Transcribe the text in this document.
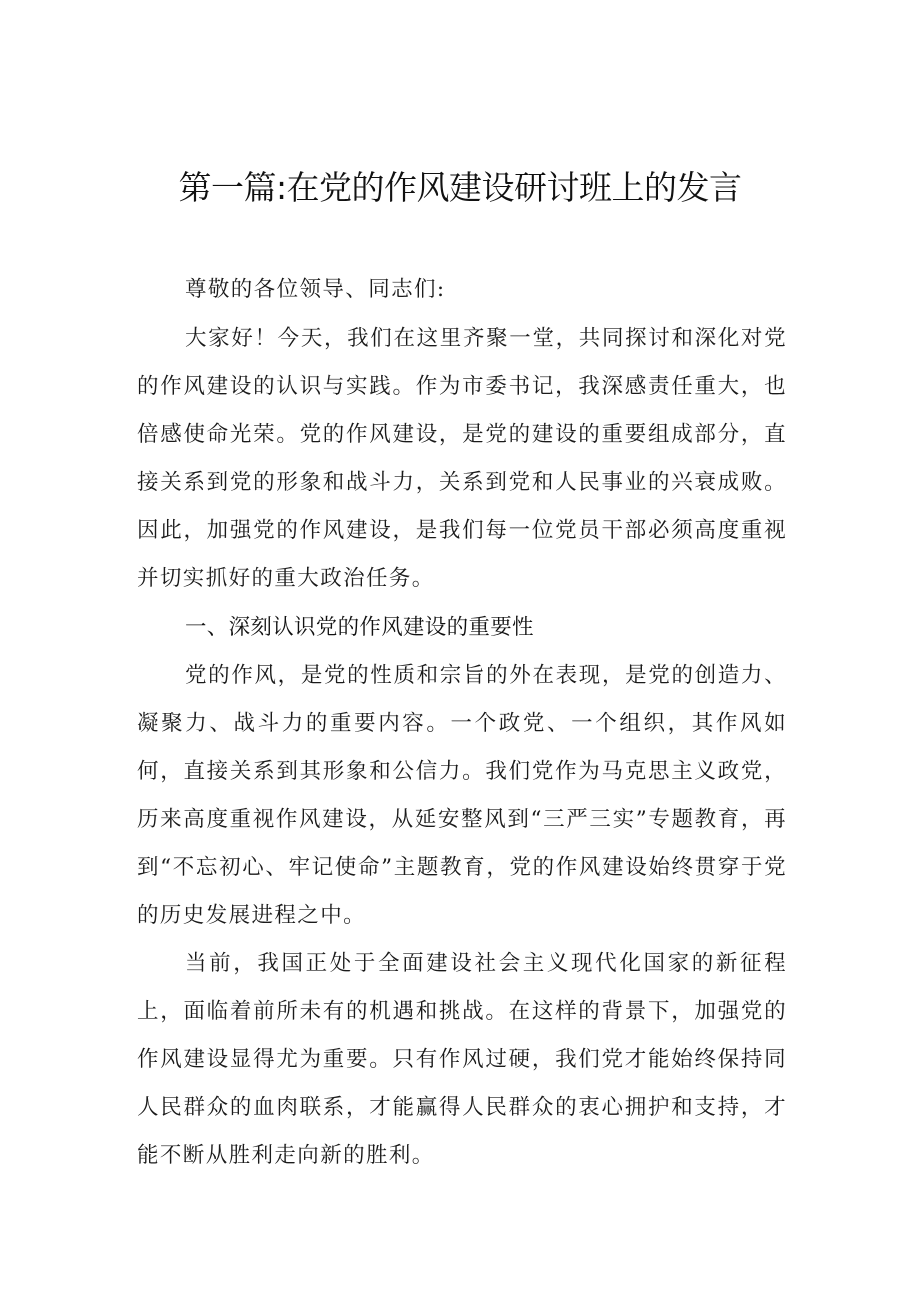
第一篇:在党的作风建设研讨班上的发言

尊敬的各位领导、同志们:

大家好！今天，我们在这里齐聚一堂，共同探讨和深化对党的作风建设的认识与实践。作为市委书记，我深感责任重大，也倍感使命光荣。党的作风建设，是党的建设的重要组成部分，直接关系到党的形象和战斗力，关系到党和人民事业的兴衰成败。因此，加强党的作风建设，是我们每一位党员干部必须高度重视并切实抓好的重大政治任务。

一、深刻认识党的作风建设的重要性

党的作风，是党的性质和宗旨的外在表现，是党的创造力、凝聚力、战斗力的重要内容。一个政党、一个组织，其作风如何，直接关系到其形象和公信力。我们党作为马克思主义政党，历来高度重视作风建设，从延安整风到“三严三实”专题教育，再到“不忘初心、牢记使命”主题教育，党的作风建设始终贯穿于党的历史发展进程之中。

当前，我国正处于全面建设社会主义现代化国家的新征程上，面临着前所未有的机遇和挑战。在这样的背景下，加强党的作风建设显得尤为重要。只有作风过硬，我们党才能始终保持同人民群众的血肉联系，才能赢得人民群众的衷心拥护和支持，才能不断从胜利走向新的胜利。
